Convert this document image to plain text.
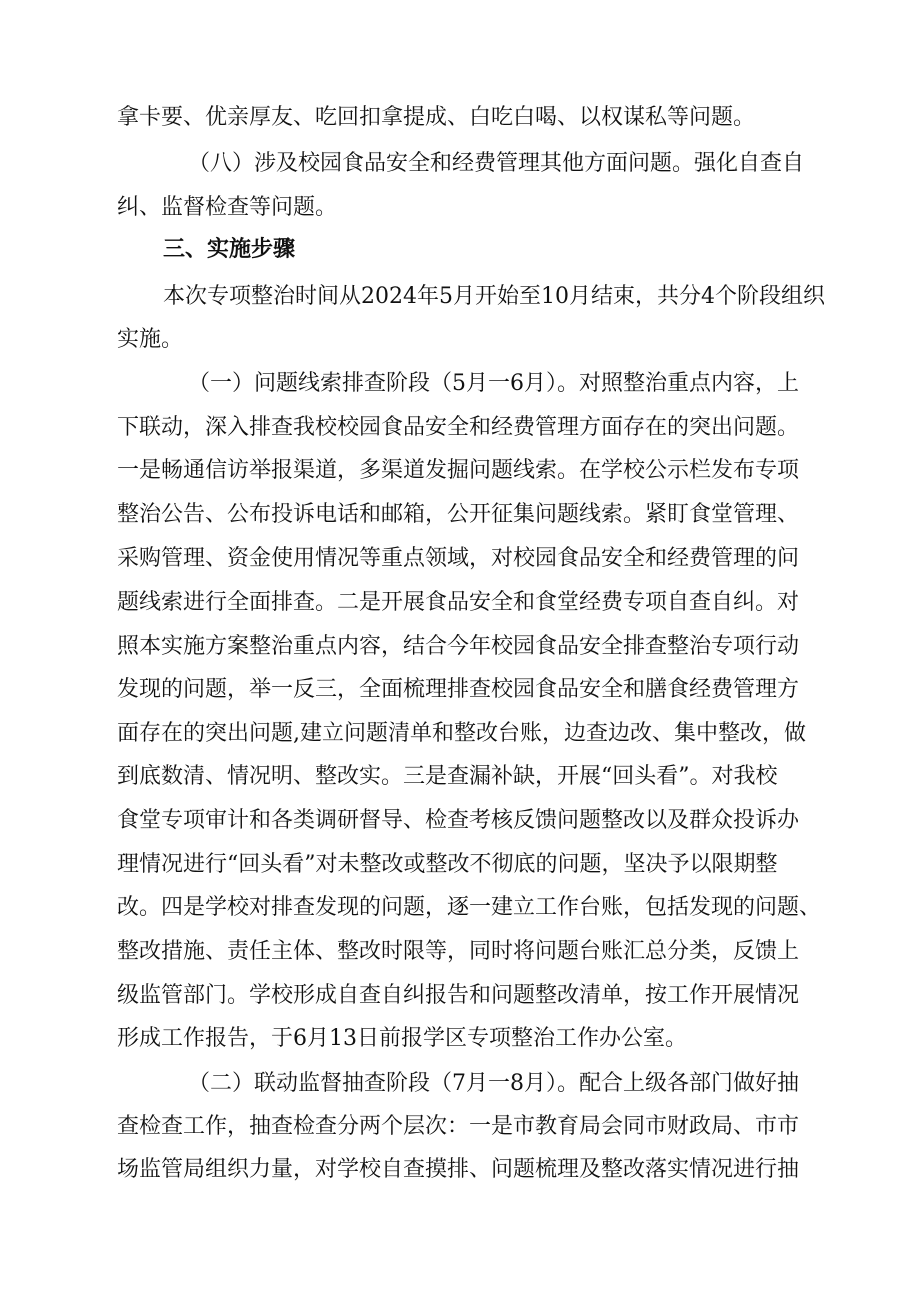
拿卡要、优亲厚友、吃回扣拿提成、白吃白喝、以权谋私等问题。
（八）涉及校园食品安全和经费管理其他方面问题。强化自查自
纠、监督检查等问题。
三、实施步骤
本次专项整治时间从2024年5月开始至10月结束，共分4个阶段组织
实施。
（一）问题线索排查阶段（5月一6月）。对照整治重点内容，上
下联动，深入排查我校校园食品安全和经费管理方面存在的突出问题。
一是畅通信访举报渠道，多渠道发掘问题线索。在学校公示栏发布专项
整治公告、公布投诉电话和邮箱，公开征集问题线索。紧盯食堂管理、
采购管理、资金使用情况等重点领域，对校园食品安全和经费管理的问
题线索进行全面排查。二是开展食品安全和食堂经费专项自查自纠。对
照本实施方案整治重点内容，结合今年校园食品安全排查整治专项行动
发现的问题，举一反三，全面梳理排查校园食品安全和膳食经费管理方
面存在的突出问题,建立问题清单和整改台账，边查边改、集中整改，做
到底数清、情况明、整改实。三是查漏补缺，开展“回头看”。对我校
食堂专项审计和各类调研督导、检查考核反馈问题整改以及群众投诉办
理情况进行“回头看”对未整改或整改不彻底的问题，坚决予以限期整
改。四是学校对排查发现的问题，逐一建立工作台账，包括发现的问题、
整改措施、责任主体、整改时限等，同时将问题台账汇总分类，反馈上
级监管部门。学校形成自查自纠报告和问题整改清单，按工作开展情况
形成工作报告，于6月13日前报学区专项整治工作办公室。
（二）联动监督抽查阶段（7月一8月）。配合上级各部门做好抽
查检查工作，抽查检查分两个层次：一是市教育局会同市财政局、市市
场监管局组织力量，对学校自查摸排、问题梳理及整改落实情况进行抽
